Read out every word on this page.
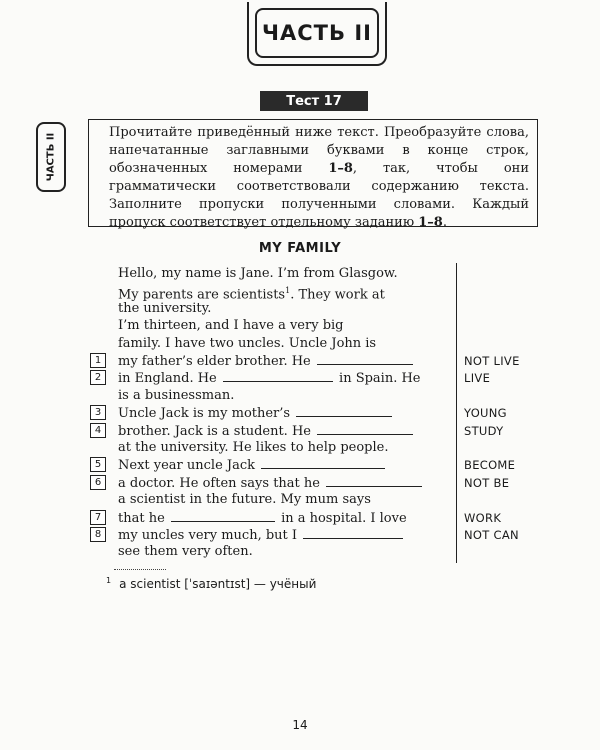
ЧАСТЬ II
ЧАСТЬ II
Тест 17
Прочитайте приведённый ниже текст. Преобразуйте слова, напечатанные заглавными буквами в конце строк, обозначенных номерами 1–8, так, чтобы они грамматически соответствовали содержанию текста. Заполните пропуски полученными словами. Каждый пропуск соответствует отдельному заданию 1–8.
MY FAMILY
Hello, my name is Jane. I’m from Glasgow.
My parents are scientists$^1$. They work at
the university.
I’m thirteen, and I have a very big
family. I have two uncles. Uncle John is
1	NOT LIVE
my father’s elder brother. He
2	LIVE
in England. He	in Spain. He
is a businessman.
3	YOUNG
Uncle Jack is my mother’s
4	STUDY
brother. Jack is a student. He
at the university. He likes to help people.
5	BECOME
Next year uncle Jack
6	NOT BE
a doctor. He often says that he
a scientist in the future. My mum says
7	WORK
that he	in a hospital. I love
8	NOT CAN
my uncles very much, but I
see them very often.
$^1$ a scientist [ˈsaɪəntɪst] — учёный
14
